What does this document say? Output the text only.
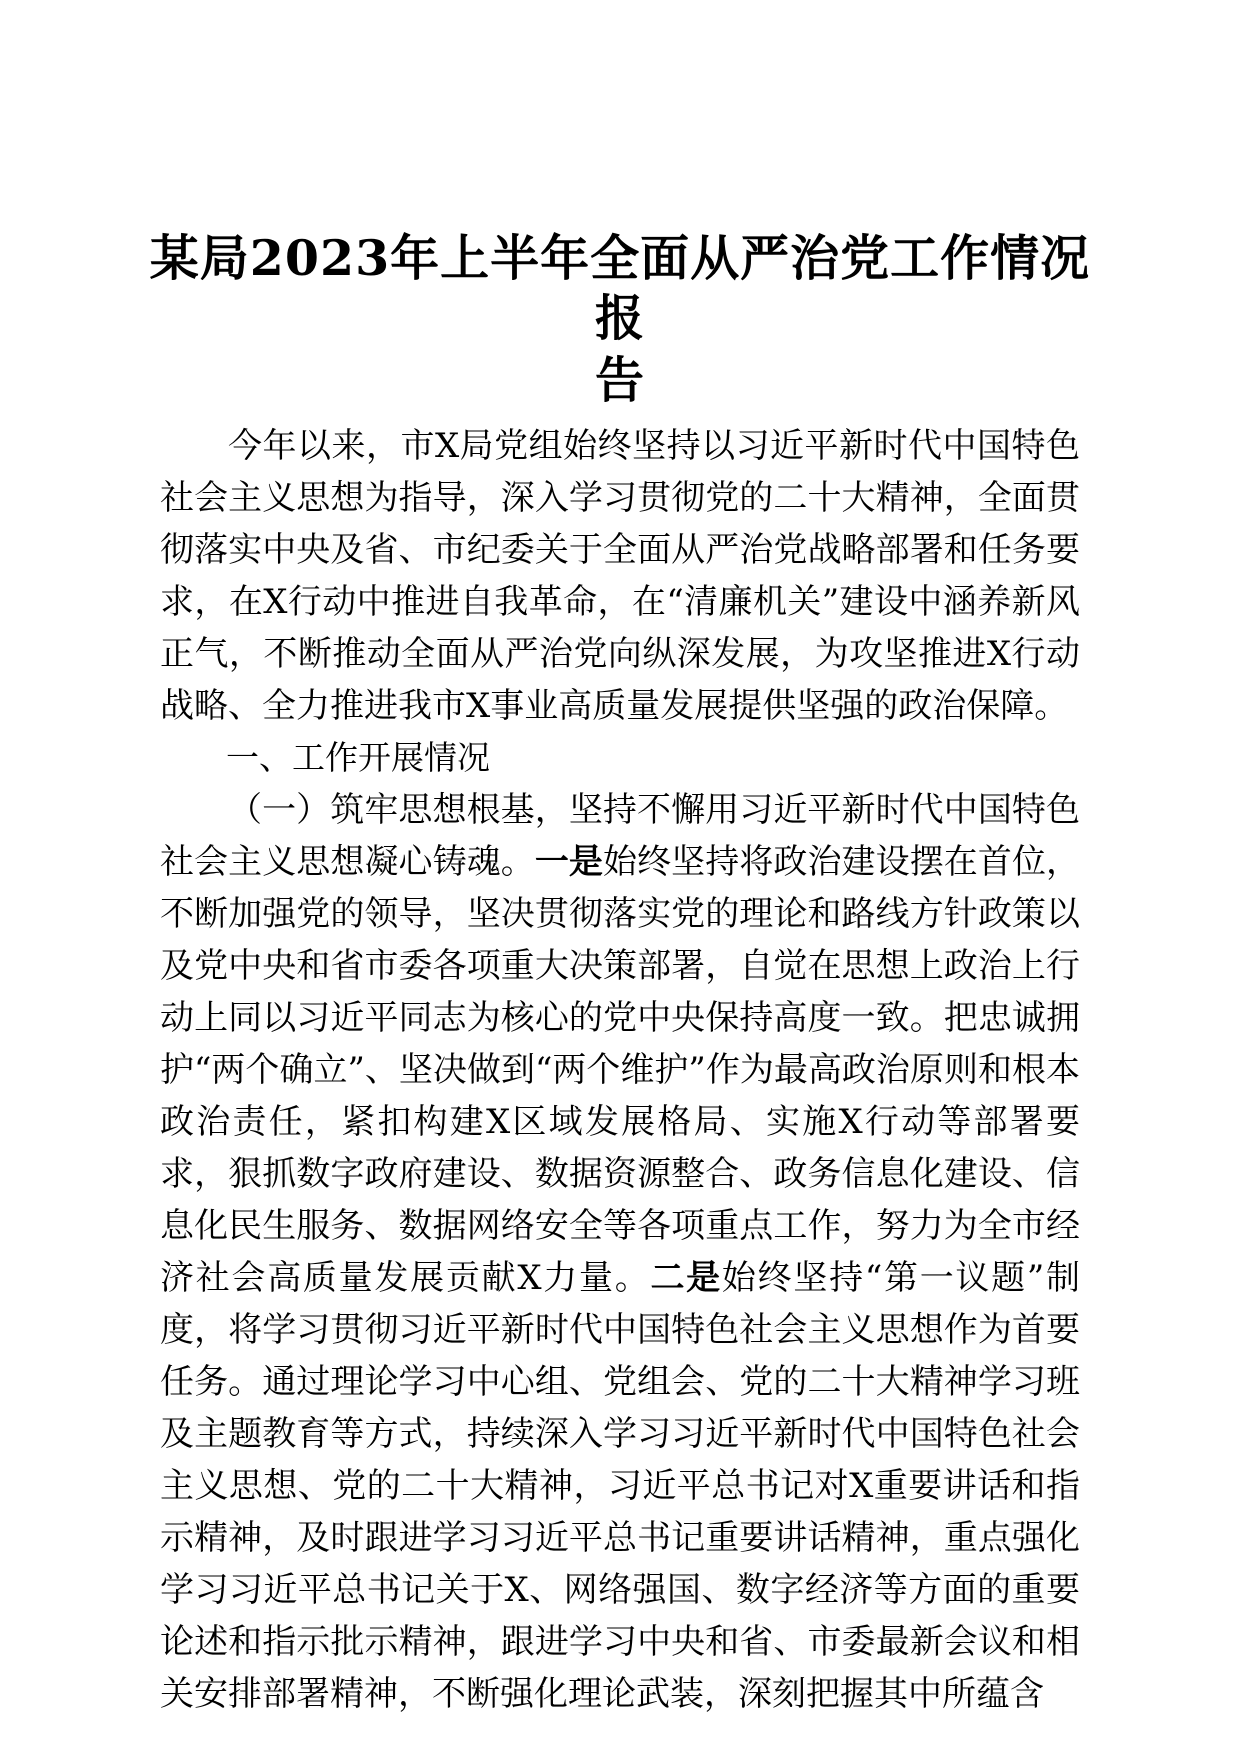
某局2023年上半年全面从严治党工作情况报
告

今年以来，市X局党组始终坚持以习近平新时代中国特色社会主义思想为指导，深入学习贯彻党的二十大精神，全面贯彻落实中央及省、市纪委关于全面从严治党战略部署和任务要求，在X行动中推进自我革命，在“清廉机关”建设中涵养新风正气，不断推动全面从严治党向纵深发展，为攻坚推进X行动战略、全力推进我市X事业高质量发展提供坚强的政治保障。

一、工作开展情况

（一）筑牢思想根基，坚持不懈用习近平新时代中国特色社会主义思想凝心铸魂。一是始终坚持将政治建设摆在首位，不断加强党的领导，坚决贯彻落实党的理论和路线方针政策以及党中央和省市委各项重大决策部署，自觉在思想上政治上行动上同以习近平同志为核心的党中央保持高度一致。把忠诚拥护“两个确立”、坚决做到“两个维护”作为最高政治原则和根本政治责任，紧扣构建X区域发展格局、实施X行动等部署要求，狠抓数字政府建设、数据资源整合、政务信息化建设、信息化民生服务、数据网络安全等各项重点工作，努力为全市经济社会高质量发展贡献X力量。二是始终坚持“第一议题”制度，将学习贯彻习近平新时代中国特色社会主义思想作为首要任务。通过理论学习中心组、党组会、党的二十大精神学习班及主题教育等方式，持续深入学习习近平新时代中国特色社会主义思想、党的二十大精神，习近平总书记对X重要讲话和指示精神，及时跟进学习习近平总书记重要讲话精神，重点强化学习习近平总书记关于X、网络强国、数字经济等方面的重要论述和指示批示精神，跟进学习中央和省、市委最新会议和相关安排部署精神，不断强化理论武装，深刻把握其中所蕴含
